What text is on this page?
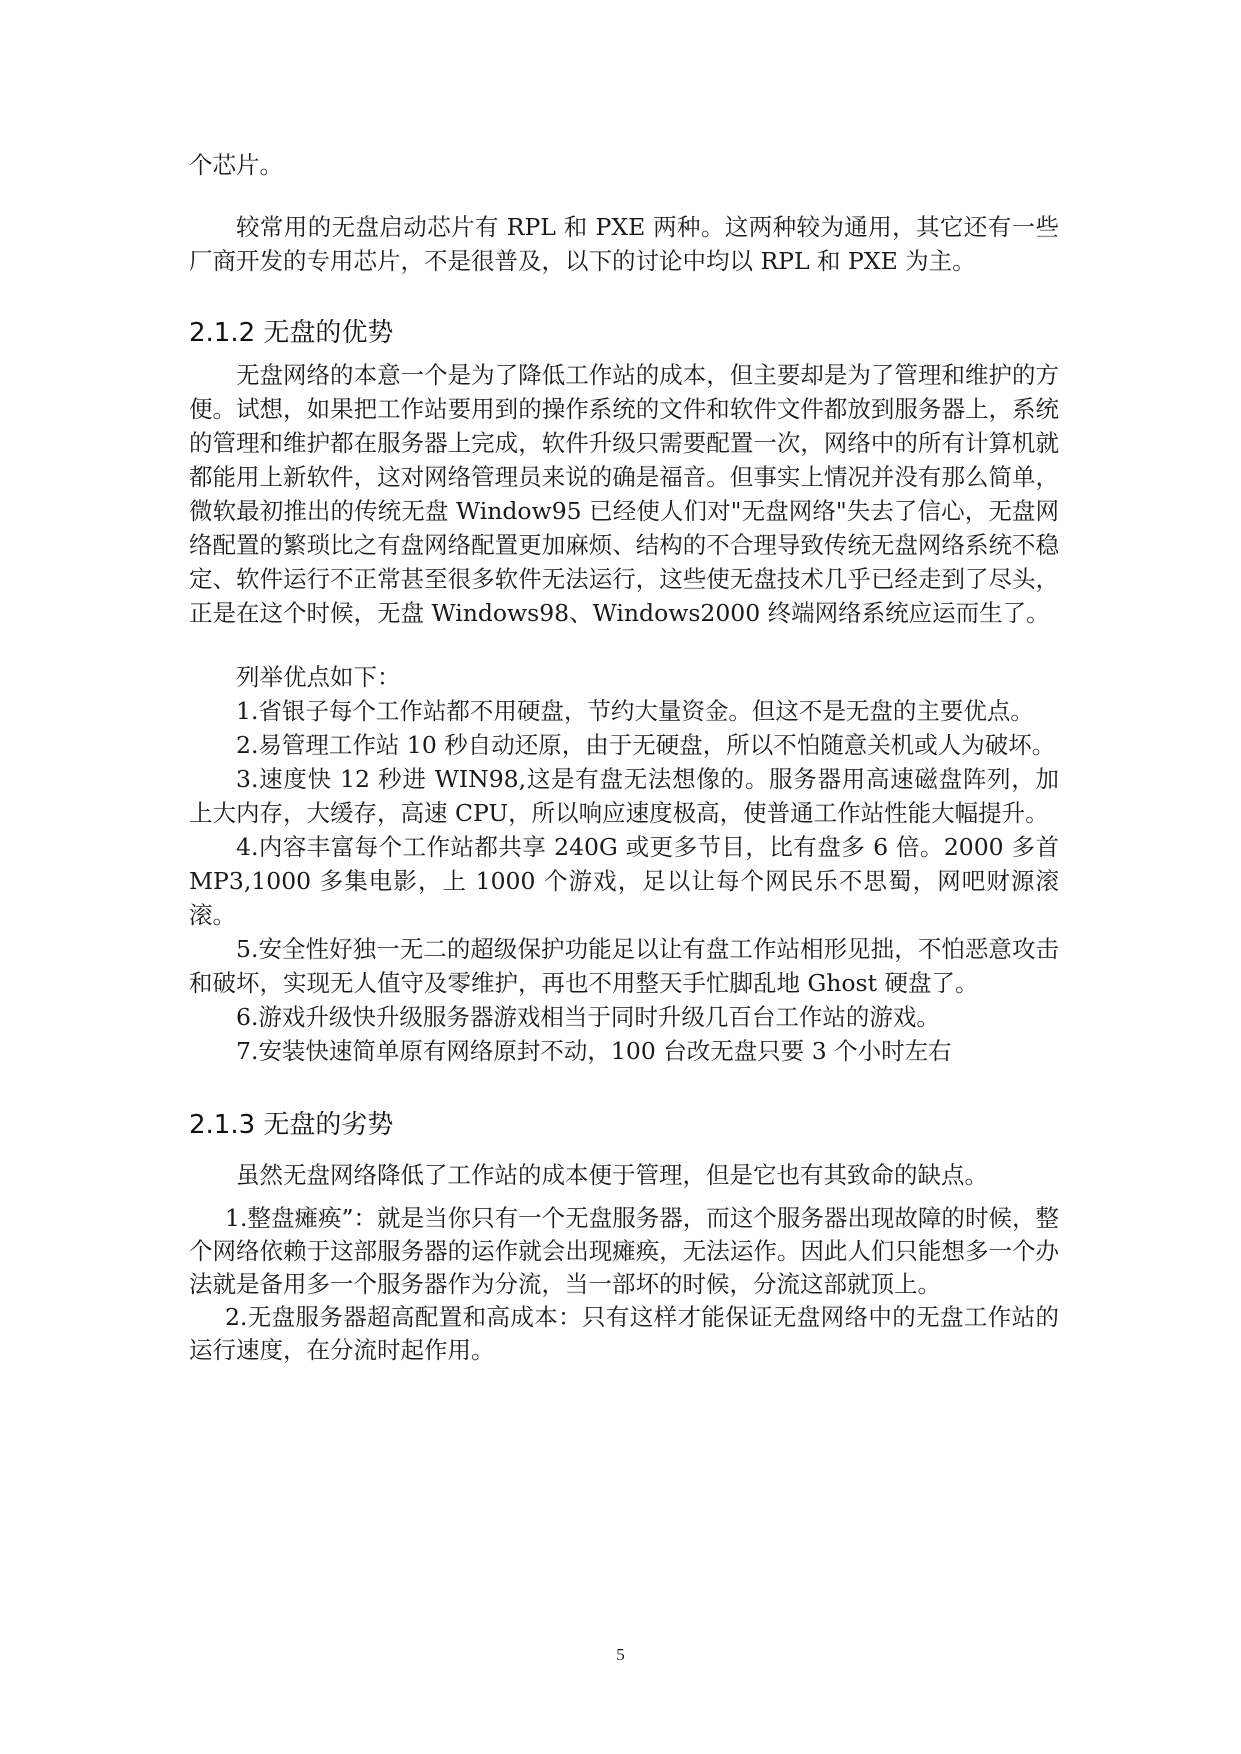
个芯片。

较常用的无盘启动芯片有 RPL 和 PXE 两种。这两种较为通用，其它还有一些厂商开发的专用芯片，不是很普及，以下的讨论中均以 RPL 和 PXE 为主。

2.1.2 无盘的优势

无盘网络的本意一个是为了降低工作站的成本，但主要却是为了管理和维护的方便。试想，如果把工作站要用到的操作系统的文件和软件文件都放到服务器上，系统的管理和维护都在服务器上完成，软件升级只需要配置一次，网络中的所有计算机就都能用上新软件，这对网络管理员来说的确是福音。但事实上情况并没有那么简单，微软最初推出的传统无盘 Window95 已经使人们对"无盘网络"失去了信心，无盘网络配置的繁琐比之有盘网络配置更加麻烦、结构的不合理导致传统无盘网络系统不稳定、软件运行不正常甚至很多软件无法运行，这些使无盘技术几乎已经走到了尽头，正是在这个时候，无盘 Windows98、Windows2000 终端网络系统应运而生了。

列举优点如下：

1.省银子每个工作站都不用硬盘，节约大量资金。但这不是无盘的主要优点。

2.易管理工作站 10 秒自动还原，由于无硬盘，所以不怕随意关机或人为破坏。

3.速度快 12 秒进 WIN98,这是有盘无法想像的。服务器用高速磁盘阵列，加上大内存，大缓存，高速 CPU，所以响应速度极高，使普通工作站性能大幅提升。

4.内容丰富每个工作站都共享 240G 或更多节目，比有盘多 6 倍。2000 多首 MP3,1000 多集电影，上 1000 个游戏，足以让每个网民乐不思蜀，网吧财源滚滚。

5.安全性好独一无二的超级保护功能足以让有盘工作站相形见拙，不怕恶意攻击和破坏，实现无人值守及零维护，再也不用整天手忙脚乱地 Ghost 硬盘了。

6.游戏升级快升级服务器游戏相当于同时升级几百台工作站的游戏。

7.安装快速简单原有网络原封不动，100 台改无盘只要 3 个小时左右

2.1.3 无盘的劣势

虽然无盘网络降低了工作站的成本便于管理，但是它也有其致命的缺点。

1.整盘瘫痪”：就是当你只有一个无盘服务器，而这个服务器出现故障的时候，整个网络依赖于这部服务器的运作就会出现瘫痪，无法运作。因此人们只能想多一个办法就是备用多一个服务器作为分流，当一部坏的时候，分流这部就顶上。

2.无盘服务器超高配置和高成本：只有这样才能保证无盘网络中的无盘工作站的运行速度，在分流时起作用。

5
